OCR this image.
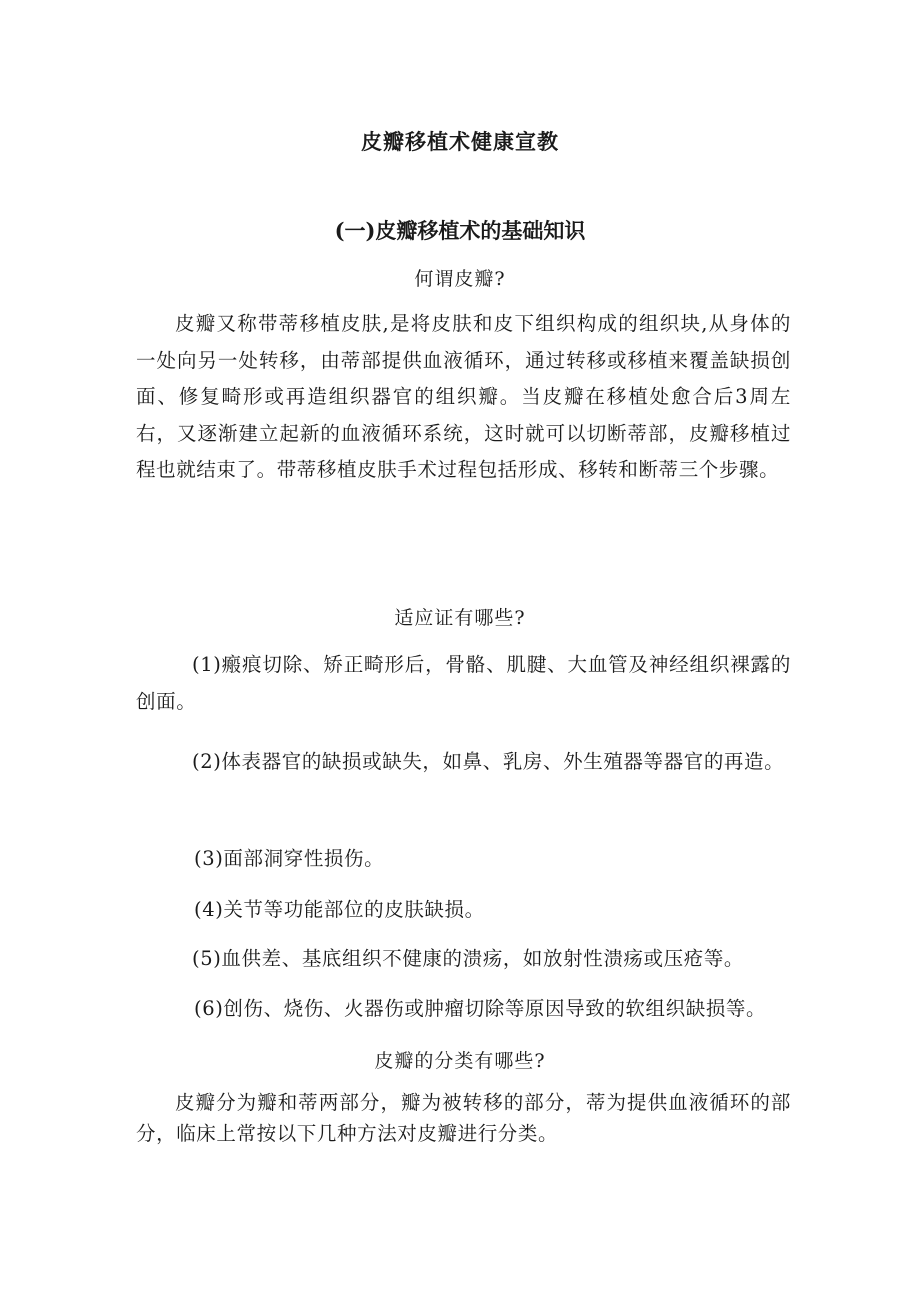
皮瓣移植术健康宣教
(一)皮瓣移植术的基础知识
何谓皮瓣?

皮瓣又称带蒂移植皮肤,是将皮肤和皮下组织构成的组织块,从身体的一处向另一处转移，由蒂部提供血液循环，通过转移或移植来覆盖缺损创面、修复畸形或再造组织器官的组织瓣。当皮瓣在移植处愈合后3周左右，又逐渐建立起新的血液循环系统，这时就可以切断蒂部，皮瓣移植过程也就结束了。带蒂移植皮肤手术过程包括形成、移转和断蒂三个步骤。

适应证有哪些?

(1)瘢痕切除、矫正畸形后，骨骼、肌腱、大血管及神经组织裸露的创面。

(2)体表器官的缺损或缺失，如鼻、乳房、外生殖器等器官的再造。

(3)面部洞穿性损伤。

(4)关节等功能部位的皮肤缺损。

(5)血供差、基底组织不健康的溃疡，如放射性溃疡或压疮等。

(6)创伤、烧伤、火器伤或肿瘤切除等原因导致的软组织缺损等。

皮瓣的分类有哪些?

皮瓣分为瓣和蒂两部分，瓣为被转移的部分，蒂为提供血液循环的部分，临床上常按以下几种方法对皮瓣进行分类。
